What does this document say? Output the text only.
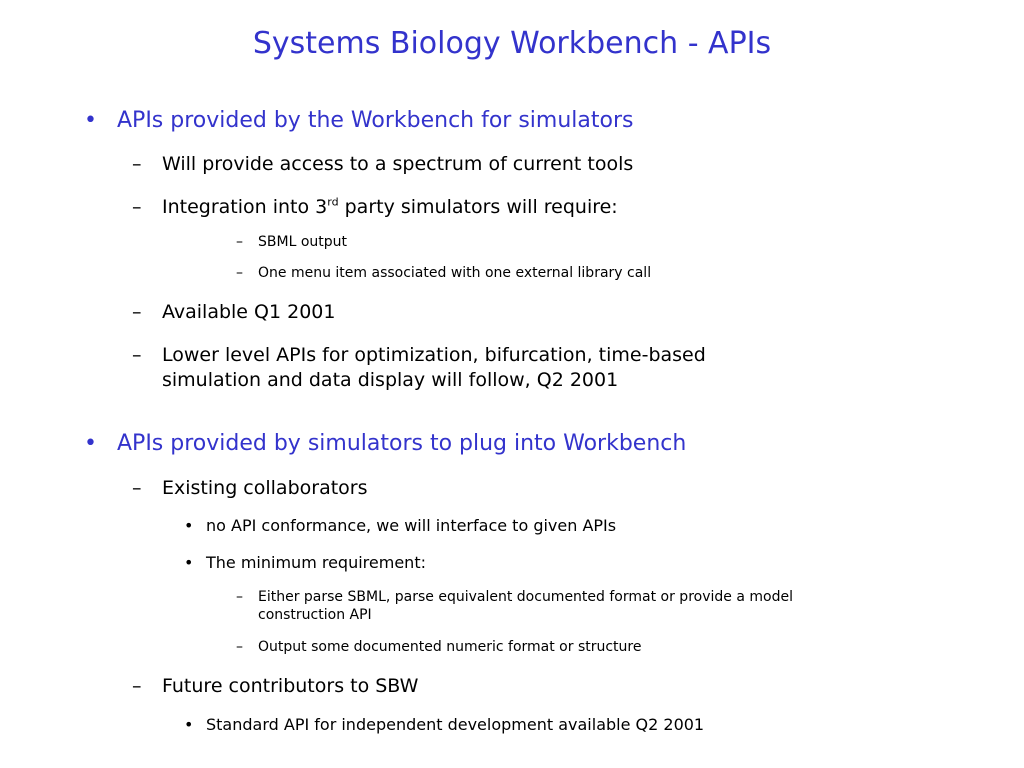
Systems Biology Workbench - APIs
• APIs provided by the Workbench for simulators
– Will provide access to a spectrum of current tools
– Integration into 3rd party simulators will require:
– SBML output
– One menu item associated with one external library call
– Available Q1 2001
– Lower level APIs for optimization, bifurcation, time-based
simulation and data display will follow, Q2 2001
• APIs provided by simulators to plug into Workbench
– Existing collaborators
• no API conformance, we will interface to given APIs
• The minimum requirement:
– Either parse SBML, parse equivalent documented format or provide a model
construction API
– Output some documented numeric format or structure
– Future contributors to SBW
• Standard API for independent development available Q2 2001
